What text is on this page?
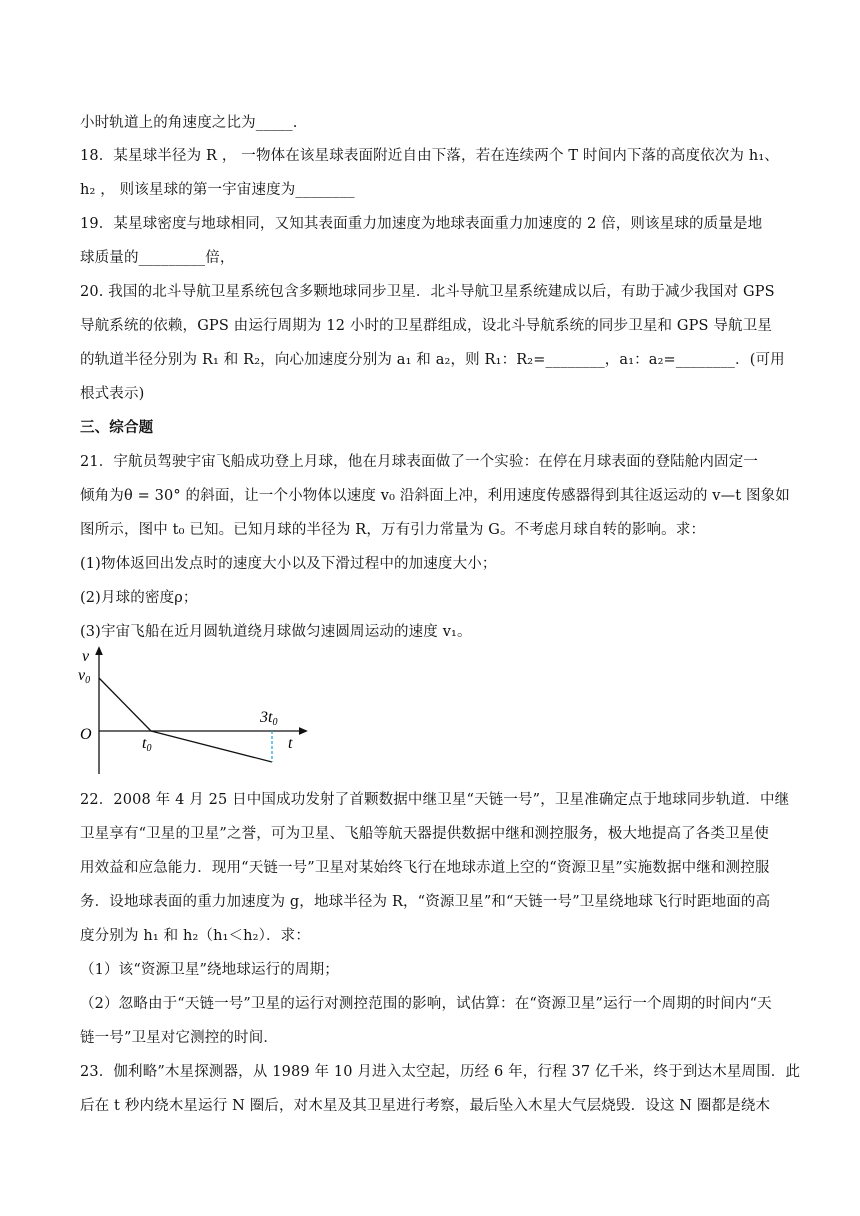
小时轨道上的角速度之比为_____.
18．某星球半径为 R ， 一物体在该星球表面附近自由下落，若在连续两个 T 时间内下落的高度依次为 h₁、
h₂ ， 则该星球的第一宇宙速度为________
19．某星球密度与地球相同，又知其表面重力加速度为地球表面重力加速度的 2 倍，则该星球的质量是地
球质量的_________倍，
20. 我国的北斗导航卫星系统包含多颗地球同步卫星．北斗导航卫星系统建成以后，有助于减少我国对 GPS
导航系统的依赖，GPS 由运行周期为 12 小时的卫星群组成，设北斗导航系统的同步卫星和 GPS 导航卫星
的轨道半径分别为 R₁ 和 R₂，向心加速度分别为 a₁ 和 a₂，则 R₁：R₂=________，a₁：a₂=________．(可用
根式表示)
三、综合题
21．宇航员驾驶宇宙飞船成功登上月球，他在月球表面做了一个实验：在停在月球表面的登陆舱内固定一
倾角为θ = 30° 的斜面，让一个小物体以速度 v₀ 沿斜面上冲，利用速度传感器得到其往返运动的 v—t 图象如
图所示，图中 t₀ 已知。已知月球的半径为 R，万有引力常量为 G。不考虑月球自转的影响。求：
(1)物体返回出发点时的速度大小以及下滑过程中的加速度大小；
(2)月球的密度ρ；
(3)宇宙飞船在近月圆轨道绕月球做匀速圆周运动的速度 v₁。
v
v0
O
t
t0
3t0
22．2008 年 4 月 25 日中国成功发射了首颗数据中继卫星“天链一号”，卫星准确定点于地球同步轨道．中继
卫星享有“卫星的卫星”之誉，可为卫星、飞船等航天器提供数据中继和测控服务，极大地提高了各类卫星使
用效益和应急能力．现用“天链一号”卫星对某始终飞行在地球赤道上空的“资源卫星”实施数据中继和测控服
务．设地球表面的重力加速度为 g，地球半径为 R，“资源卫星”和“天链一号”卫星绕地球飞行时距地面的高
度分别为 h₁ 和 h₂（h₁＜h₂）．求：
（1）该“资源卫星”绕地球运行的周期；
（2）忽略由于“天链一号”卫星的运行对测控范围的影响，试估算：在“资源卫星”运行一个周期的时间内“天
链一号”卫星对它测控的时间．
23．伽利略”木星探测器，从 1989 年 10 月进入太空起，历经 6 年，行程 37 亿千米，终于到达木星周围．此
后在 t 秒内绕木星运行 N 圈后，对木星及其卫星进行考察，最后坠入木星大气层烧毁．设这 N 圈都是绕木
